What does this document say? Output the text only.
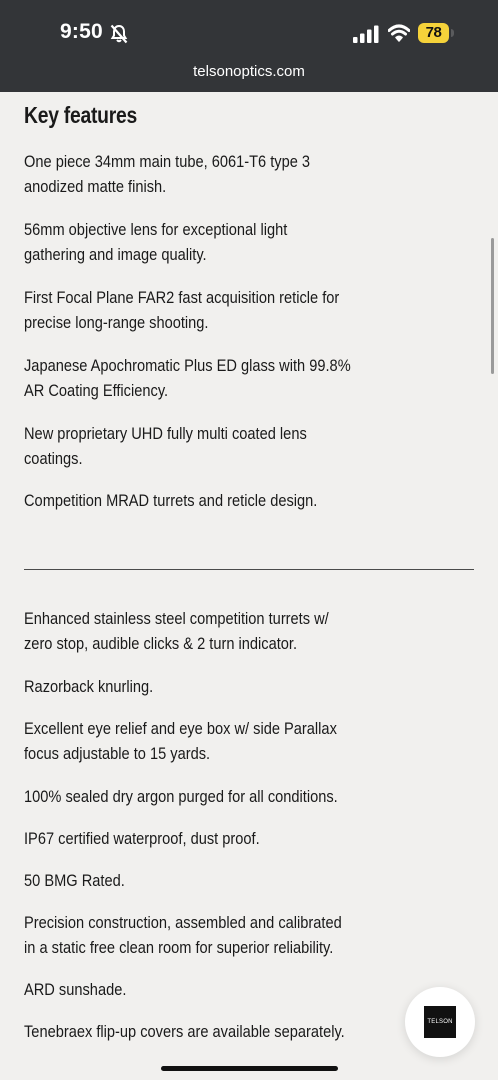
9:50	78
telsonoptics.com
Key features

One piece 34mm main tube, 6061-T6 type 3 anodized matte finish.

56mm objective lens for exceptional light gathering and image quality.

First Focal Plane FAR2 fast acquisition reticle for precise long-range shooting.

Japanese Apochromatic Plus ED glass with 99.8% AR Coating Efficiency.

New proprietary UHD fully multi coated lens coatings.

Competition MRAD turrets and reticle design.

Enhanced stainless steel competition turrets w/ zero stop, audible clicks & 2 turn indicator.

Razorback knurling.

Excellent eye relief and eye box w/ side Parallax focus adjustable to 15 yards.

100% sealed dry argon purged for all conditions.

IP67 certified waterproof, dust proof.

50 BMG Rated.

Precision construction, assembled and calibrated in a static free clean room for superior reliability.

ARD sunshade.

Tenebraex flip-up covers are available separately.	TELSON
